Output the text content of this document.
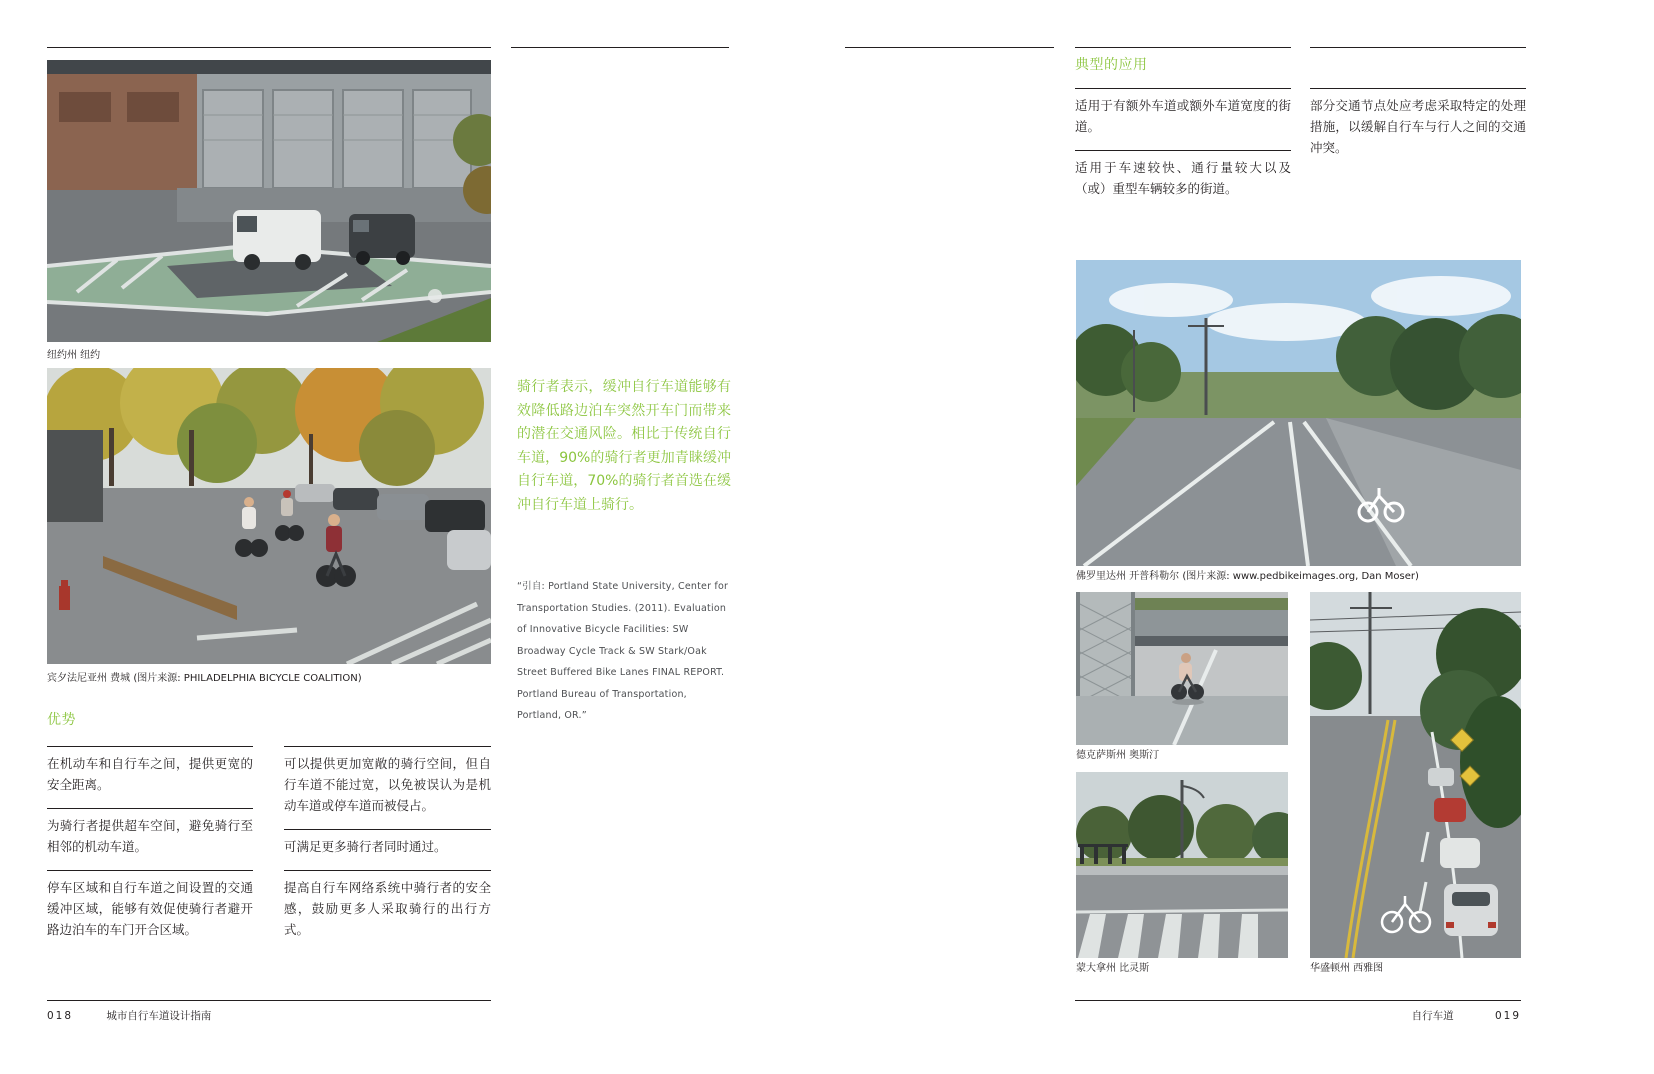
纽约州 纽约
宾夕法尼亚州 费城 (图片来源: PHILADELPHIA BICYCLE COALITION)
骑行者表示，缓冲自行车道能够有效降低路边泊车突然开车门而带来的潜在交通风险。相比于传统自行车道，90%的骑行者更加青睐缓冲自行车道，70%的骑行者首选在缓冲自行车道上骑行。
“引自: Portland State University, Center for Transportation Studies. (2011). Evaluation of Innovative Bicycle Facilities: SW Broadway Cycle Track & SW Stark/Oak Street Buffered Bike Lanes FINAL REPORT. Portland Bureau of Transportation, Portland, OR.”
优势

在机动车和自行车之间，提供更宽的安全距离。

为骑行者提供超车空间，避免骑行至相邻的机动车道。

停车区域和自行车道之间设置的交通缓冲区域，能够有效促使骑行者避开路边泊车的车门开合区域。

可以提供更加宽敞的骑行空间，但自行车道不能过宽，以免被误认为是机动车道或停车道而被侵占。

可满足更多骑行者同时通过。

提高自行车网络系统中骑行者的安全感，鼓励更多人采取骑行的出行方式。

018	城市自行车道设计指南
典型的应用

适用于有额外车道或额外车道宽度的街道。

适用于车速较快、通行量较大以及（或）重型车辆较多的街道。

部分交通节点处应考虑采取特定的处理措施，以缓解自行车与行人之间的交通冲突。

佛罗里达州 开普科勒尔 (图片来源: www.pedbikeimages.org, Dan Moser)
德克萨斯州 奥斯汀
蒙大拿州 比灵斯	华盛顿州 西雅图
自行车道	019
